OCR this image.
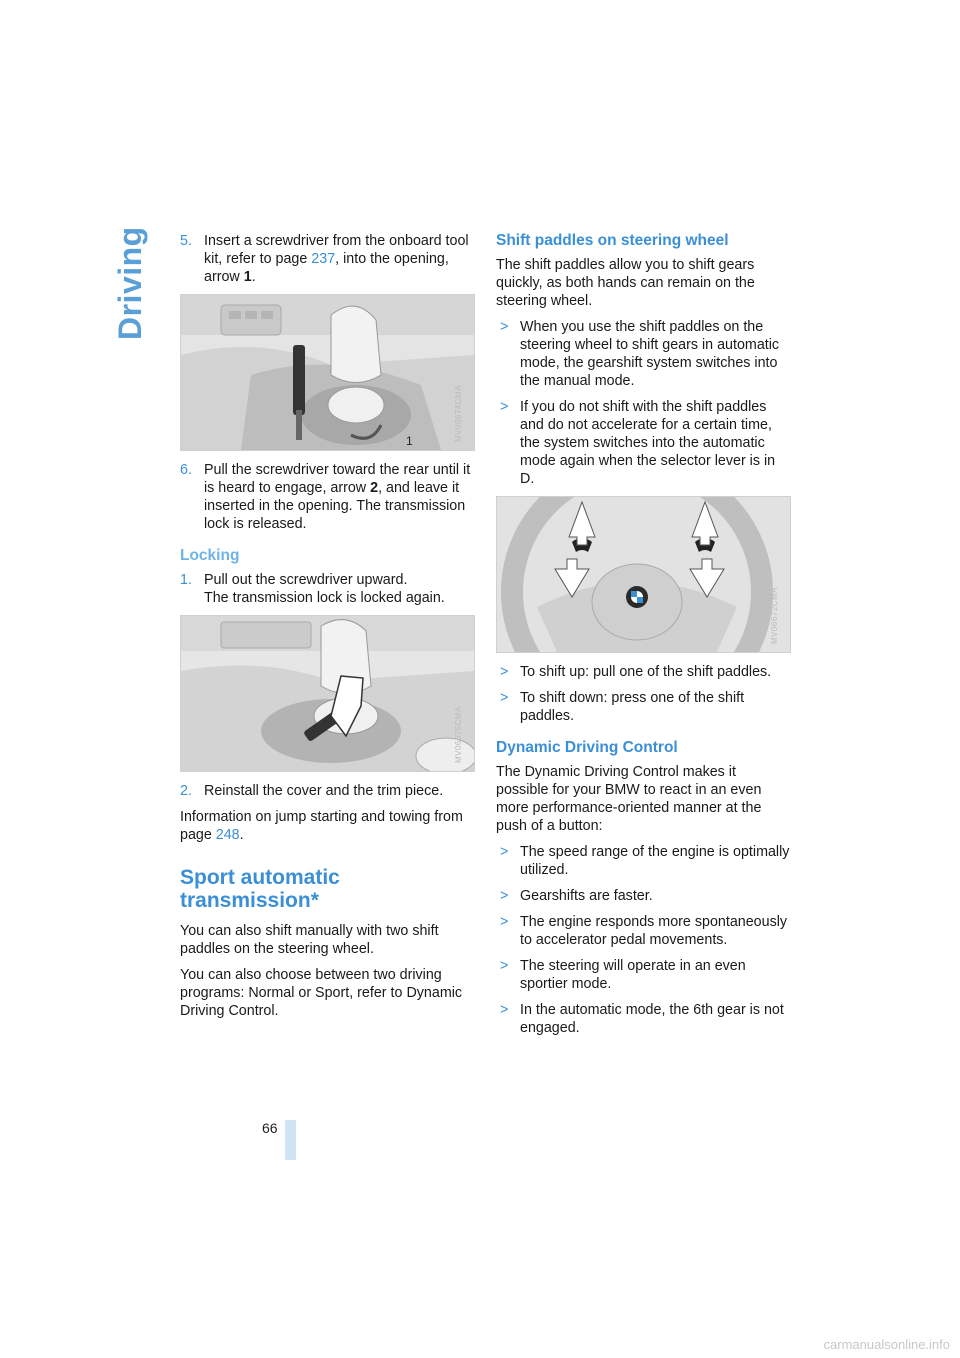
Driving 5. Insert a screwdriver from the onboard tool kit, refer to page 237, into the opening, arrow 1.
1	MV06674CMA
6. Pull the screwdriver toward the rear until it is heard to engage, arrow 2, and leave it inserted in the opening. The transmission lock is released.
Locking
1. Pull out the screwdriver upward.
The transmission lock is locked again.
MV06675CMA
2. Reinstall the cover and the trim piece.

Information on jump starting and towing from page 248.

Sport automatic transmission*

You can also shift manually with two shift paddles on the steering wheel.

You can also choose between two driving programs: Normal or Sport, refer to Dynamic Driving Control.

Shift paddles on steering wheel

The shift paddles allow you to shift gears quickly, as both hands can remain on the steering wheel.

> When you use the shift paddles on the steering wheel to shift gears in automatic mode, the gearshift system switches into the manual mode.
> If you do not shift with the shift paddles and do not accelerate for a certain time, the system switches into the automatic mode again when the selector lever is in D.
MV06672CMA
> To shift up: pull one of the shift paddles.
> To shift down: press one of the shift paddles.
Dynamic Driving Control

The Dynamic Driving Control makes it possible for your BMW to react in an even more performance-oriented manner at the push of a button:

> The speed range of the engine is optimally utilized.
> Gearshifts are faster.
> The engine responds more spontaneously to accelerator pedal movements.
> The steering will operate in an even sportier mode.
> In the automatic mode, the 6th gear is not engaged.
66
carmanualsonline.info
